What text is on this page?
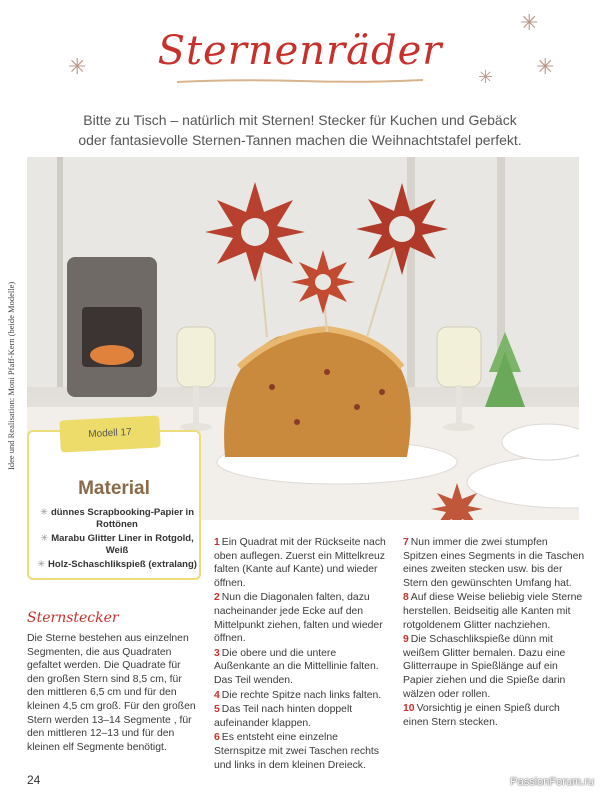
Sternenräder
✳
✳
✳
✳
Bitte zu Tisch – natürlich mit Sternen! Stecker für Kuchen und Gebäck
oder fantasievolle Sternen-Tannen machen die Weihnachtstafel perfekt.
Idee und Realisation: Moni Pfaff-Kern (beide Modelle)	Modell 17
Material
✳ dünnes Scrapbooking-Papier in Rottönen
✳ Marabu Glitter Liner in Rotgold, Weiß
✳ Holz-Schaschlikspieß (extralang)
Sternstecker
Die Sterne bestehen aus einzelnen Segmenten, die aus Quadraten gefaltet werden. Die Quadrate für den großen Stern sind 8,5 cm, für den mittleren 6,5 cm und für den kleinen 4,5 cm groß. Für den großen Stern werden 13–14 Segmente , für den mittleren 12–13 und für den kleinen elf Segmente benötigt.
1 Ein Quadrat mit der Rückseite nach oben auflegen. Zuerst ein Mittelkreuz falten (Kante auf Kante) und wieder öffnen.
2 Nun die Diagonalen falten, dazu nacheinander jede Ecke auf den Mittelpunkt ziehen, falten und wieder öffnen.
3 Die obere und die untere Außenkante an die Mittellinie falten. Das Teil wenden.
4 Die rechte Spitze nach links falten.
5 Das Teil nach hinten doppelt aufeinander klappen.
6 Es entsteht eine einzelne Sternspitze mit zwei Taschen rechts und links in dem kleinen Dreieck.
7 Nun immer die zwei stumpfen Spitzen eines Segments in die Taschen eines zweiten stecken usw. bis der Stern den gewünschten Umfang hat.
8 Auf diese Weise beliebig viele Sterne herstellen. Beidseitig alle Kanten mit rotgoldenem Glitter nachziehen.
9 Die Schaschlikspieße dünn mit weißem Glitter bemalen. Dazu eine Glitterraupe in Spießlänge auf ein Papier ziehen und die Spieße darin wälzen oder rollen.
10 Vorsichtig je einen Spieß durch einen Stern stecken.
24	PassionForum.ru
